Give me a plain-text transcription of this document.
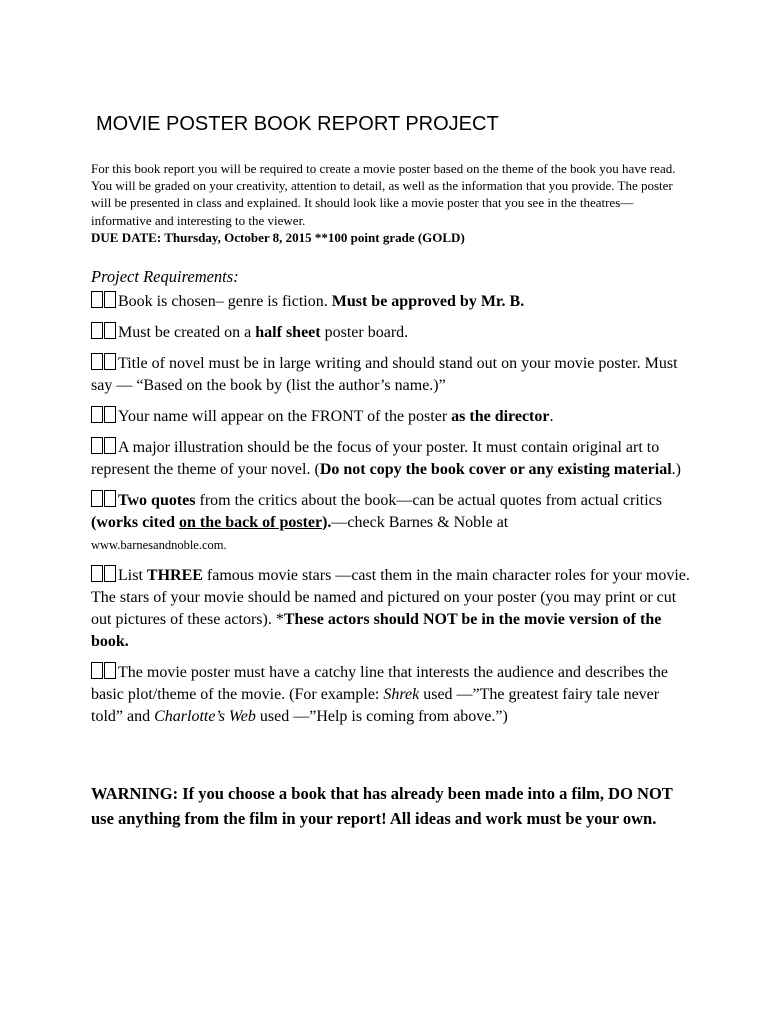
MOVIE POSTER BOOK REPORT PROJECT

For this book report you will be required to create a movie poster based on the theme of the book you have read. You will be graded on your creativity, attention to detail, as well as the information that you provide. The poster will be presented in class and explained. It should look like a movie poster that you see in the theatres—informative and interesting to the viewer.

DUE DATE: Thursday, October 8, 2015 **100 point grade (GOLD)

Project Requirements:

Book is chosen– genre is fiction. Must be approved by Mr. B.

Must be created on a half sheet poster board.

Title of novel must be in large writing and should stand out on your movie poster. Must say — “Based on the book by (list the author’s name.)”

Your name will appear on the FRONT of the poster as the director.

A major illustration should be the focus of your poster. It must contain original art to represent the theme of your novel. (Do not copy the book cover or any existing material.)

Two quotes from the critics about the book—can be actual quotes from actual critics (works cited on the back of poster).—check Barnes & Noble at
www.barnesandnoble.com.

List THREE famous movie stars —cast them in the main character roles for your movie. The stars of your movie should be named and pictured on your poster (you may print or cut out pictures of these actors). *These actors should NOT be in the movie version of the book.

The movie poster must have a catchy line that interests the audience and describes the basic plot/theme of the movie. (For example: Shrek used —”The greatest fairy tale never told” and Charlotte’s Web used —”Help is coming from above.”)

WARNING: If you choose a book that has already been made into a film, DO NOT use anything from the film in your report! All ideas and work must be your own.
